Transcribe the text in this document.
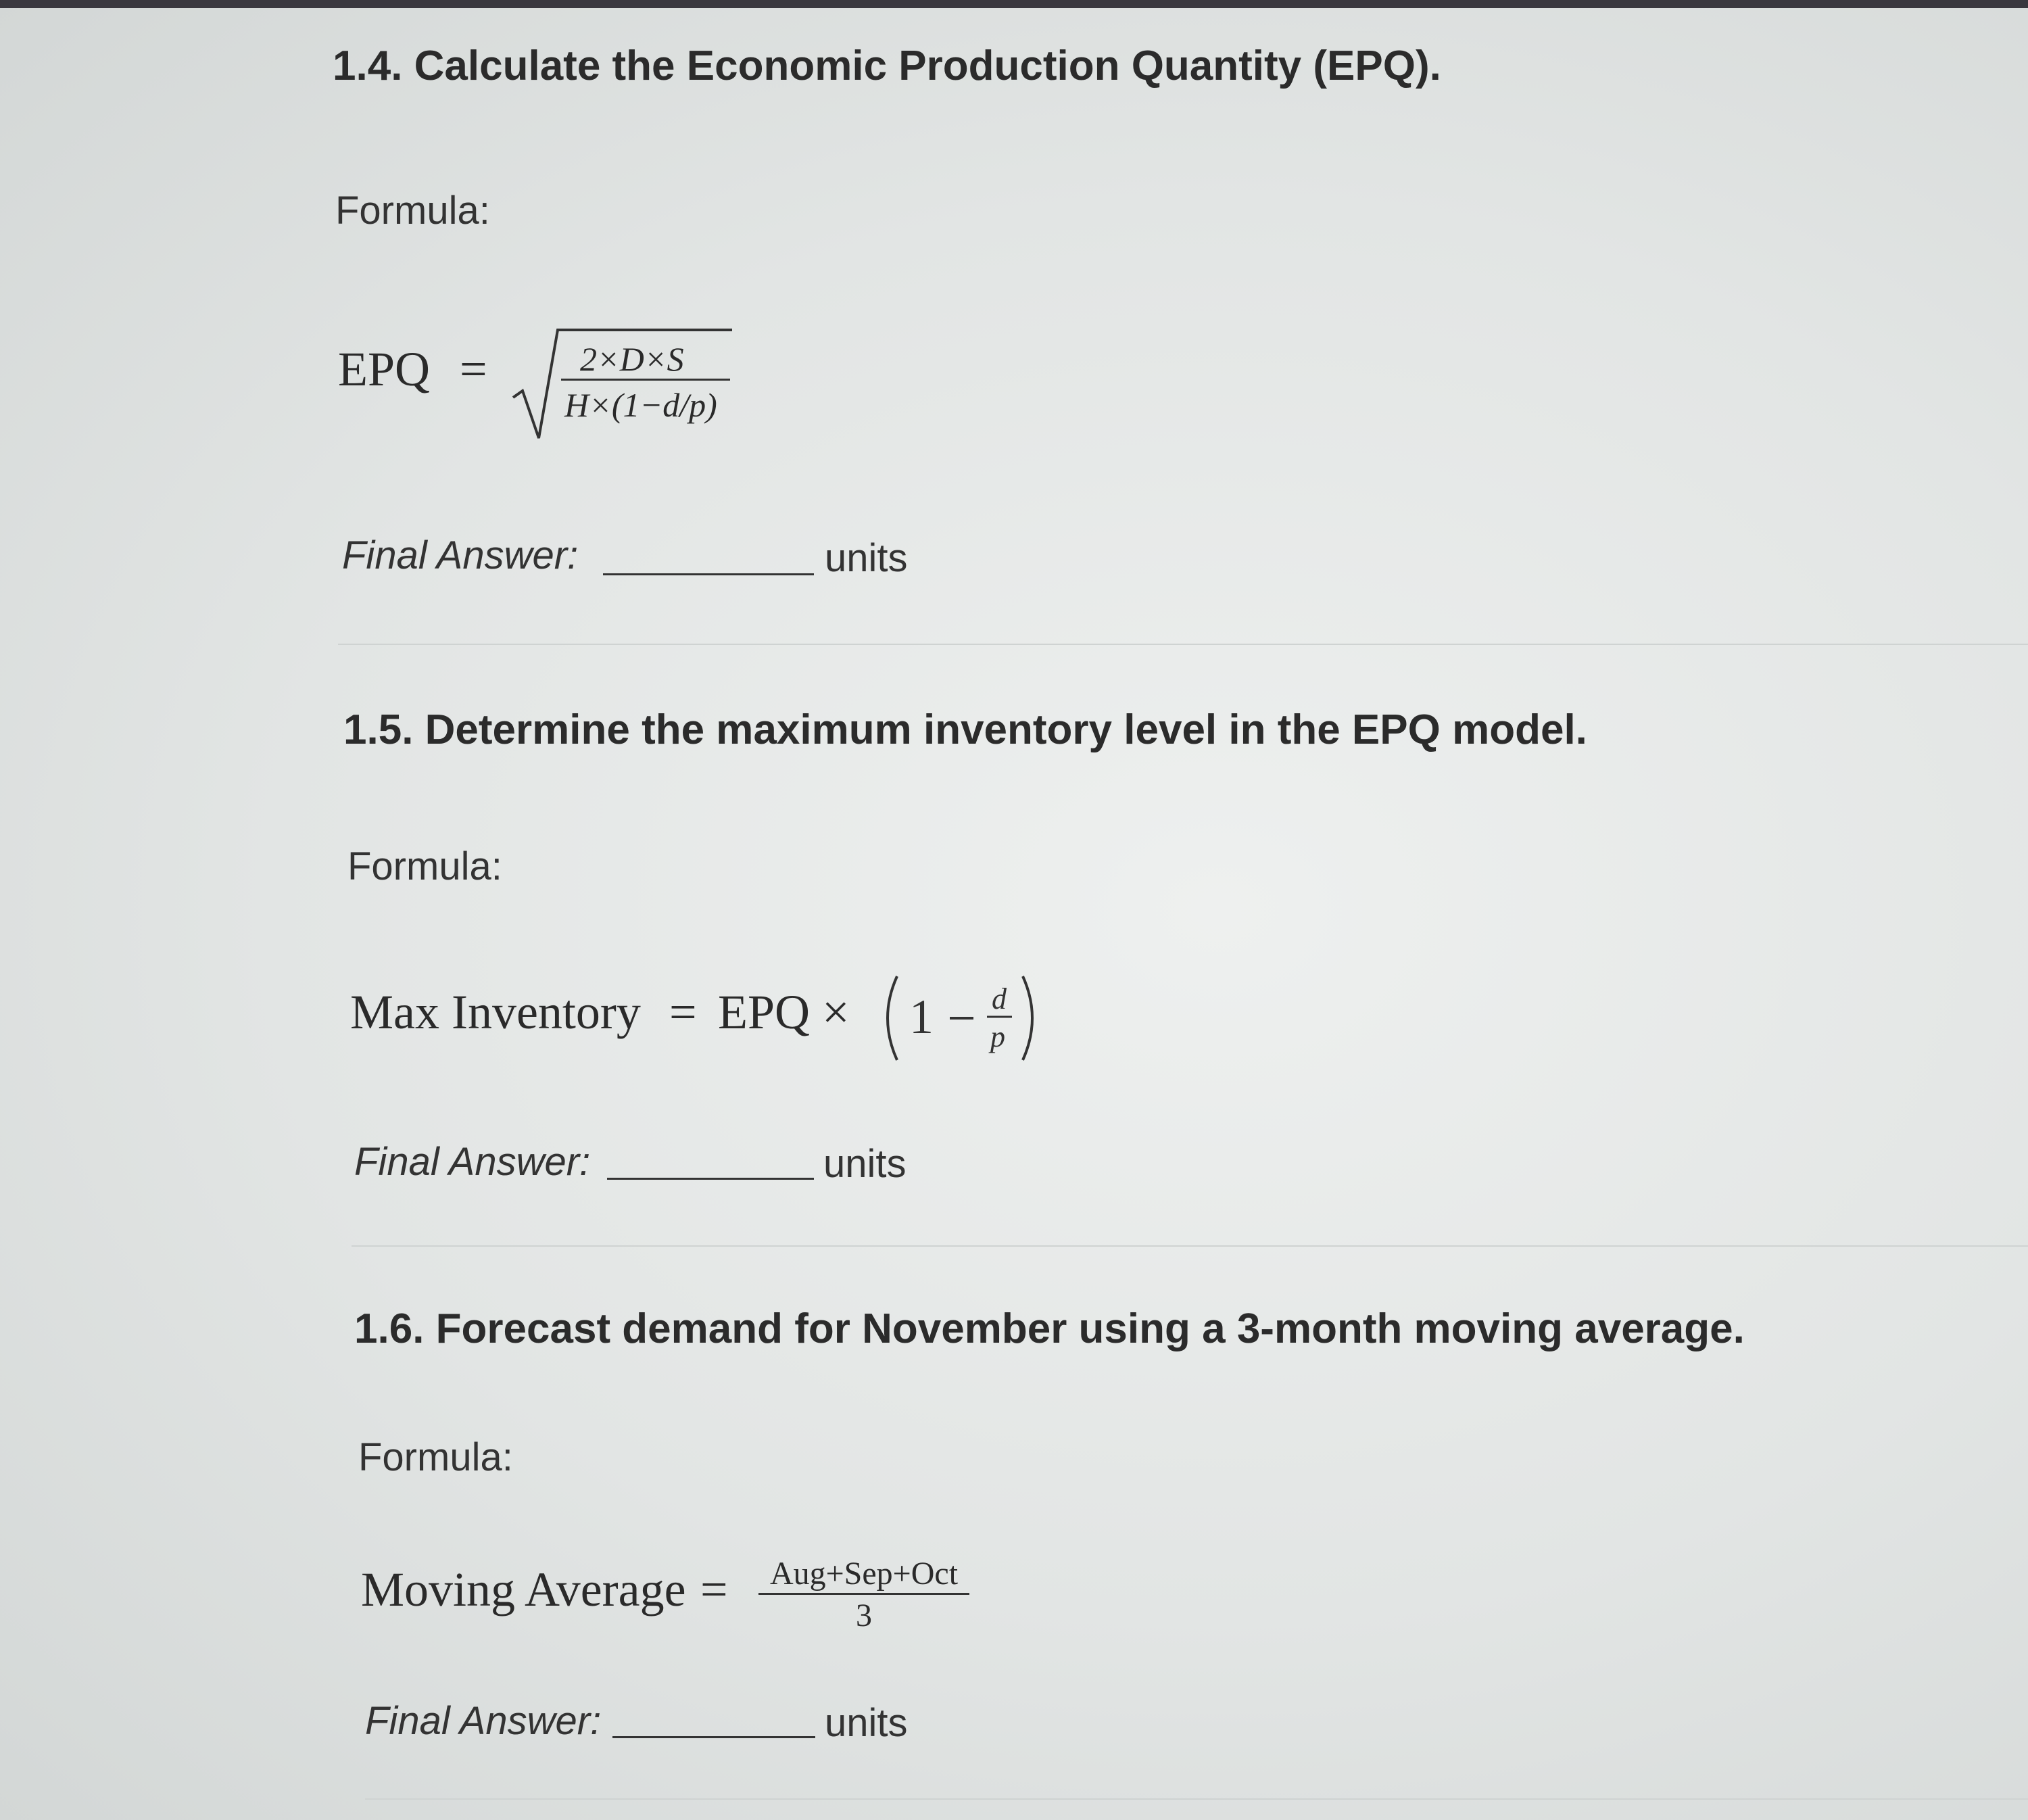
1.4. Calculate the Economic Production Quantity (EPQ).
Formula:
EPQ =	2×D×S
H×(1−d/p)
Final Answer:	units
1.5. Determine the maximum inventory level in the EPQ model.
Formula:
Max Inventory = EPQ × 1 d
p
Final Answer:	units
1.6. Forecast demand for November using a 3-month moving average.
Formula:
Moving Average =	Aug+Sep+Oct
3
Final Answer:	units
